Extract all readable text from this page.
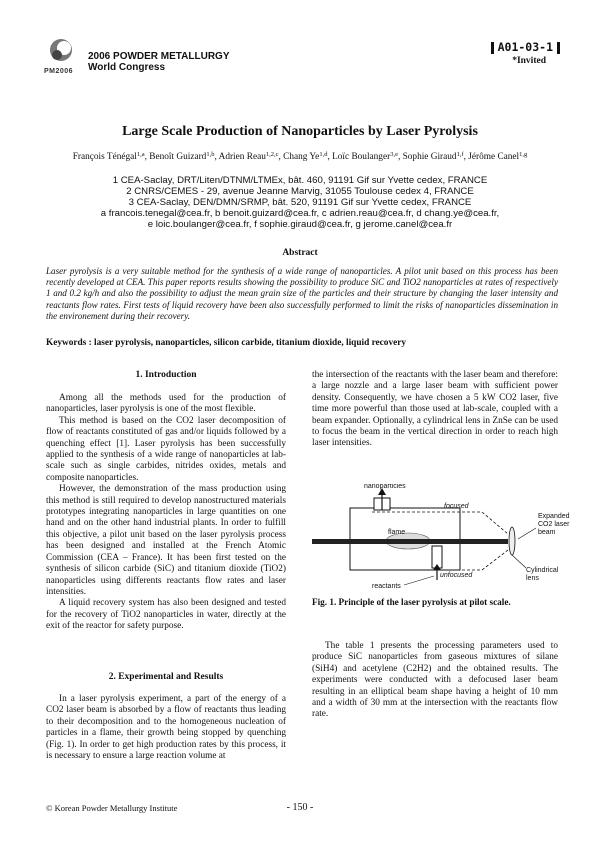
PM2006
2006 POWDER METALLURGY
World Congress
A01-03-1
*Invited
Large Scale Production of Nanoparticles by Laser Pyrolysis
François Ténégal$^{1,a}$, Benoît Guizard$^{1,b}$, Adrien Reau$^{1,2,c}$, Chang Ye$^{1,d}$, Loïc Boulanger$^{3,e}$, Sophie Giraud$^{1,f}$, Jérôme Canel$^{1,g}$
1 CEA-Saclay, DRT/Liten/DTNM/LTMEx, bât. 460, 91191 Gif sur Yvette cedex, FRANCE
2 CNRS/CEMES - 29, avenue Jeanne Marvig, 31055 Toulouse cedex 4, FRANCE
3 CEA-Saclay, DEN/DMN/SRMP, bât. 520, 91191 Gif sur Yvette cedex, FRANCE
a francois.tenegal@cea.fr, b benoit.guizard@cea.fr, c adrien.reau@cea.fr, d chang.ye@cea.fr,
e loic.boulanger@cea.fr, f sophie.giraud@cea.fr, g jerome.canel@cea.fr
Abstract
Laser pyrolysis is a very suitable method for the synthesis of a wide range of nanoparticles. A pilot unit based on this process has been recently developed at CEA. This paper reports results showing the possibility to produce SiC and TiO2 nanoparticles at rates of respectively 1 and 0.2 kg/h and also the possibility to adjust the mean grain size of the particles and their structure by changing the laser intensity and reactants flow rates. First tests of liquid recovery have been also successfully performed to limit the risks of nanoparticles dissemination in the environement during their recovery.
Keywords : laser pyrolysis, nanoparticles, silicon carbide, titanium dioxide, liquid recovery
1. Introduction

Among all the methods used for the production of nanoparticles, laser pyrolysis is one of the most flexible.

This method is based on the CO2 laser decomposition of flow of reactants constituted of gas and/or liquids followed by a quenching effect [1]. Laser pyrolysis has been successfully applied to the synthesis of a wide range of nanoparticles at lab-scale such as single carbides, nitrides oxides, metals and composite nanoparticles.

However, the demonstration of the mass production using this method is still required to develop nanostructured materials prototypes integrating nanoparticles in large quantities on one hand and on the other hand industrial plants. In order to fulfill this objective, a pilot unit based on the laser pyrolysis process has been designed and installed at the French Atomic Commission (CEA – France). It has been first tested on the synthesis of silicon carbide (SiC) and titanium dioxide (TiO2) nanoparticles using differents reactants flow rates and laser intensities.

A liquid recovery system has also been designed and tested for the recovery of TiO2 nanoparticles in water, directly at the exit of the reactor for safety purpose.

2. Experimental and Results

In a laser pyrolysis experiment, a part of the energy of a CO2 laser beam is absorbed by a flow of reactants thus leading to their decomposition and to the homogeneous nucleation of particles in a flame, their growth being stopped by quenching (Fig. 1). In order to get high production rates by this process, it is necessary to ensure a large reaction volume at

the intersection of the reactants with the laser beam and therefore: a large nozzle and a large laser beam with sufficient power density. Consequently, we have chosen a 5 kW CO2 laser, five time more powerful than those used at lab-scale, coupled with a beam expander. Optionally, a cylindrical lens in ZnSe can be used to focus the beam in the vertical direction in order to reach high laser intensities.

nanoparticles
flame
focused
unfocused
reactants
Cylindrical
lens
Expanded
CO2 laser
beam
Fig. 1. Principle of the laser pyrolysis at pilot scale.

The table 1 presents the processing parameters used to produce SiC nanoparticles from gaseous mixtures of silane (SiH4) and acetylene (C2H2) and the obtained results. The experiments were conducted with a defocused laser beam resulting in an elliptical beam shape having a height of 10 mm and a width of 30 mm at the intersection with the reactants flow rate.

© Korean Powder Metallurgy Institute	- 150 -
